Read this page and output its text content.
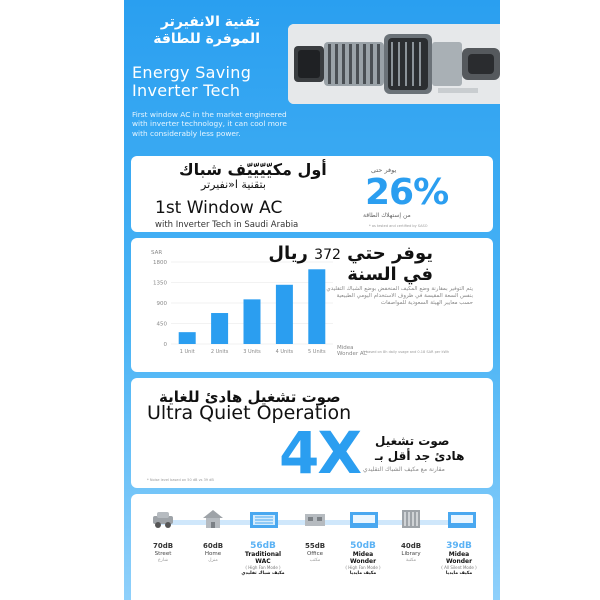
تقنية الانفيرتر
الموفرة للطاقة
Energy Saving
Inverter Tech
First window AC in the market engineered with inverter technology, it can cool more with considerably less power.
أول مكيّيّيّيّف شباك
بتقنية ا«نفيرتر
1st Window AC
with Inverter Tech in Saudi Arabia
يوفر حتى
26%
من إستهلاك الطاقة
* as tested and certified by SASO
SAR
0
450
900
1350
1800
1 Unit	2 Units	3 Units	4 Units	5 Units
Midea
Wonder AC
يوفر حتي 372 ريال
في السنة
يتم التوفير بمقارنة وضع المكيف المنخفض بوضع الشباك التقليدي بنفس السعة المقيسة في ظروف الاستخدام اليومي الطبيعية حسب معايير الهيئة السعودية للمواصفات
* based on 8h daily usage and 0.18 SAR per kWh
صوت تشغيل هادئ للغاية
Ultra Quiet Operation
4X صوت تشغيل
هادئ جد أقل بـ
مقارنة مع مكيف الشباك التقليدي
* Noise level based on 50 dB vs 39 dB
70dB
Street
شارع
60dB
Home
منزل
56dB
Traditional WAC
( High Fan Mode )
مكيف شباك تقليدي
55dB
Office
مكتب
50dB
Midea Wonder
( High Fan Mode )
مكيف مايديا
40dB
Library
مكتبة
39dB
Midea Wonder
( All Silent Mode )
مكيف مايديا
